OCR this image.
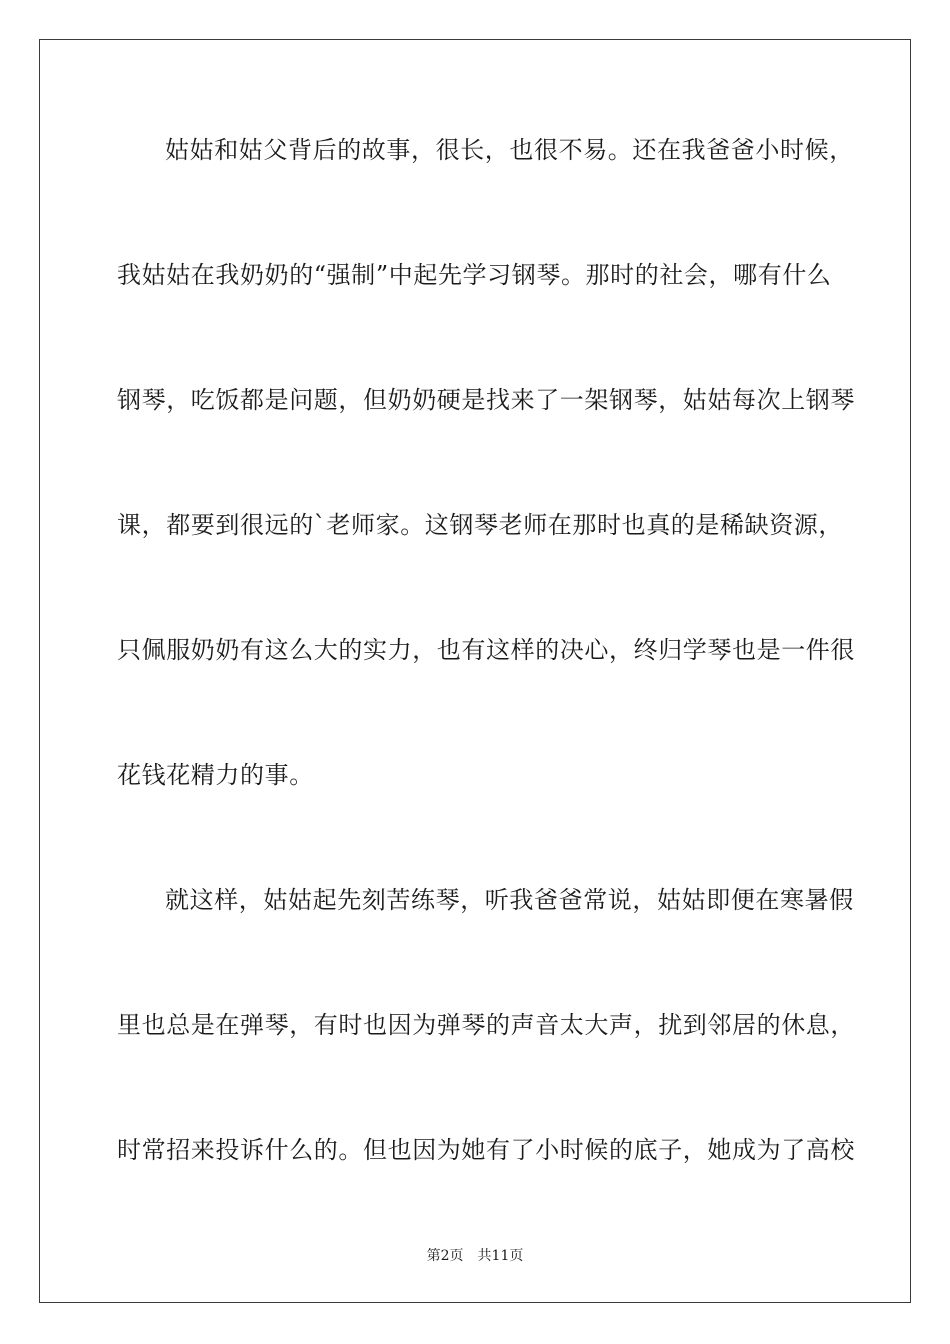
姑姑和姑父背后的故事，很长，也很不易。还在我爸爸小时候，
我姑姑在我奶奶的“强制”中起先学习钢琴。那时的社会，哪有什么
钢琴，吃饭都是问题，但奶奶硬是找来了一架钢琴，姑姑每次上钢琴
课，都要到很远的`老师家。这钢琴老师在那时也真的是稀缺资源，
只佩服奶奶有这么大的实力，也有这样的决心，终归学琴也是一件很
花钱花精力的事。
就这样，姑姑起先刻苦练琴，听我爸爸常说，姑姑即便在寒暑假
里也总是在弹琴，有时也因为弹琴的声音太大声，扰到邻居的休息，
时常招来投诉什么的。但也因为她有了小时候的底子，她成为了高校
第2页 共11页
